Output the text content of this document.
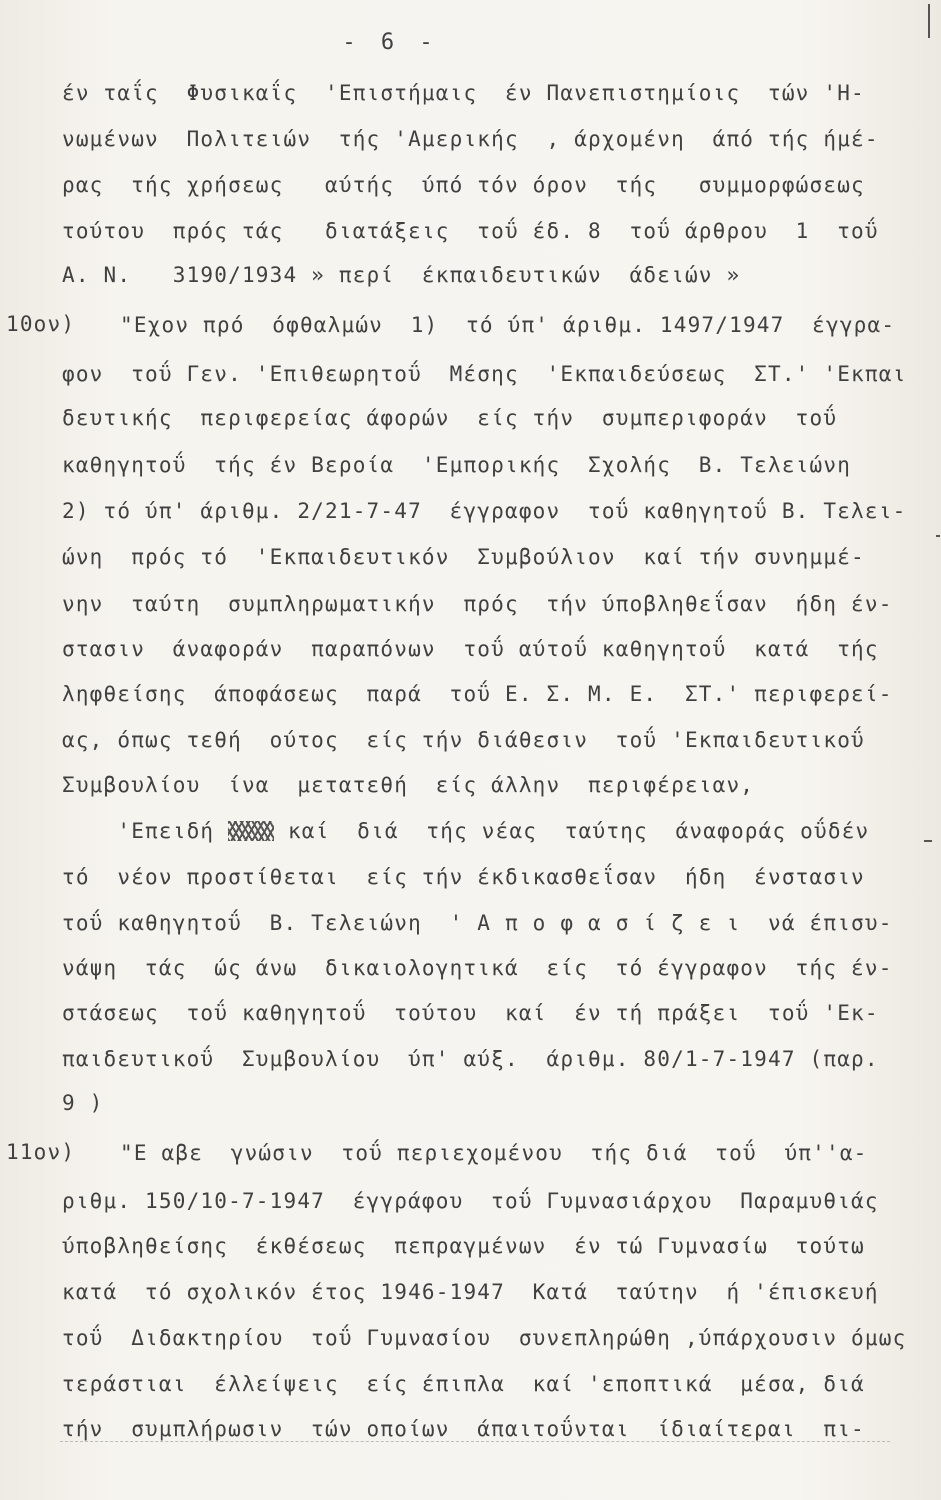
- 6 -
έν ταΐς  Φυσικαΐς  'Επιστήμαις  έν Πανεπιστημίοις  τών 'Η-
νωμένων  Πολιτειών  τής 'Αμερικής  , άρχομένη  άπό τής ήμέ-
ρας  τής χρήσεως   αύτής  ύπό τόν όρον  τής   συμμορφώσεως
τούτου  πρός τάς   διατάξεις  τοΰ έδ. 8  τοΰ άρθρου  1  τοΰ
Α. Ν.   3190/1934 » περί  έκπαιδευτικών  άδειών »
10ον) "Εχον πρό  όφθαλμών  1)  τό ύπ' άριθμ. 1497/1947  έγγρα-
φον  τοΰ Γεν. 'Επιθεωρητοΰ  Μέσης  'Εκπαιδεύσεως  ΣΤ.' 'Εκπαι
δευτικής  περιφερείας άφορών  είς τήν  συμπεριφοράν  τοΰ
καθηγητοΰ  τής έν Βεροία  'Εμπορικής  Σχολής  Β. Τελειώνη
2) τό ύπ' άριθμ. 2/21-7-47  έγγραφον  τοΰ καθηγητοΰ Β. Τελει-
ώνη  πρός τό  'Εκπαιδευτικόν  Συμβούλιον  καί τήν συνημμέ-
νην  ταύτη  συμπληρωματικήν  πρός  τήν ύποβληθεΐσαν  ήδη έν-
στασιν  άναφοράν  παραπόνων  τοΰ αύτοΰ καθηγητοΰ  κατά  τής
ληφθείσης  άποφάσεως  παρά  τοΰ Ε. Σ. Μ. Ε.  ΣΤ.' περιφερεί-
ας, όπως τεθή  ούτος  είς τήν διάθεσιν  τοΰ 'Εκπαιδευτικοΰ
Συμβουλίου  ίνα  μετατεθή  είς άλλην  περιφέρειαν,
'Επειδή  καί  διά  τής νέας  ταύτης  άναφοράς οΰδέν
τό  νέον προστίθεται  είς τήν έκδικασθεΐσαν  ήδη  ένστασιν
τοΰ καθηγητοΰ  Β. Τελειώνη  ' Α π ο φ α σ ί ζ ε ι  νά έπισυ-
νάψη  τάς  ώς άνω  δικαιολογητικά  είς  τό έγγραφον  τής έν-
στάσεως  τοΰ καθηγητοΰ  τούτου  καί  έν τή πράξει  τοΰ 'Εκ-
παιδευτικοΰ  Συμβουλίου  ύπ' αύξ.  άριθμ. 80/1-7-1947 (παρ.
9 )
11ον) "Ε αβε  γνώσιν  τοΰ περιεχομένου  τής διά  τοΰ  ύπ''α-
ριθμ. 150/10-7-1947  έγγράφου  τοΰ Γυμνασιάρχου  Παραμυθιάς
ύποβληθείσης  έκθέσεως  πεπραγμένων  έν τώ Γυμνασίω  τούτω
κατά  τό σχολικόν έτος 1946-1947  Κατά  ταύτην  ή 'έπισκευή
τοΰ  Διδακτηρίου  τοΰ Γυμνασίου  συνεπληρώθη ,ύπάρχουσιν όμως
τεράστιαι  έλλείψεις  είς έπιπλα  καί 'εποπτικά  μέσα, διά
τήν  συμπλήρωσιν  τών οποίων  άπαιτοΰνται  ίδιαίτεραι  πι-
